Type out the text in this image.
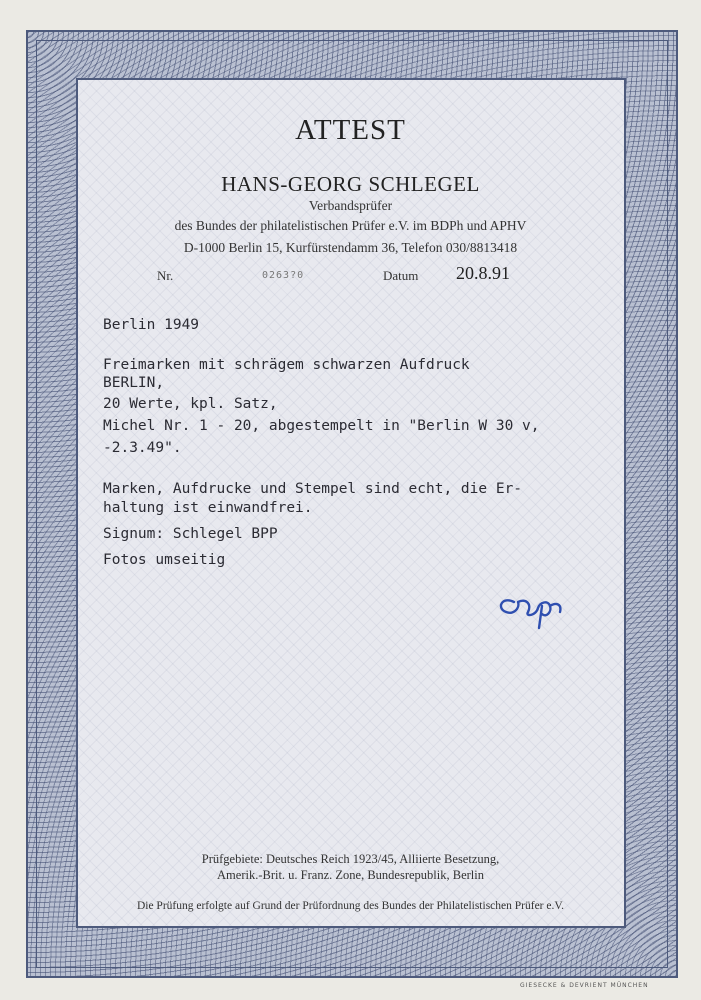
ATTEST
HANS-GEORG SCHLEGEL
Verbandsprüfer
des Bundes der philatelistischen Prüfer e.V. im BDPh und APHV
D-1000 Berlin 15, Kurfürstendamm 36, Telefon 030/8813418
Nr.	0263?0	Datum 20.8.91
Berlin 1949
Freimarken mit schrägem schwarzen Aufdruck
BERLIN,
20 Werte, kpl. Satz,
Michel Nr. 1 - 20, abgestempelt in "Berlin W 30 v,
-2.3.49".
Marken, Aufdrucke und Stempel sind echt, die Er-
haltung ist einwandfrei.
Signum: Schlegel BPP
Fotos umseitig
Prüfgebiete: Deutsches Reich 1923/45, Alliierte Besetzung,
Amerik.-Brit. u. Franz. Zone, Bundesrepublik, Berlin
Die Prüfung erfolgte auf Grund der Prüfordnung des Bundes der Philatelistischen Prüfer e.V.
GIESECKE & DEVRIENT MÜNCHEN
